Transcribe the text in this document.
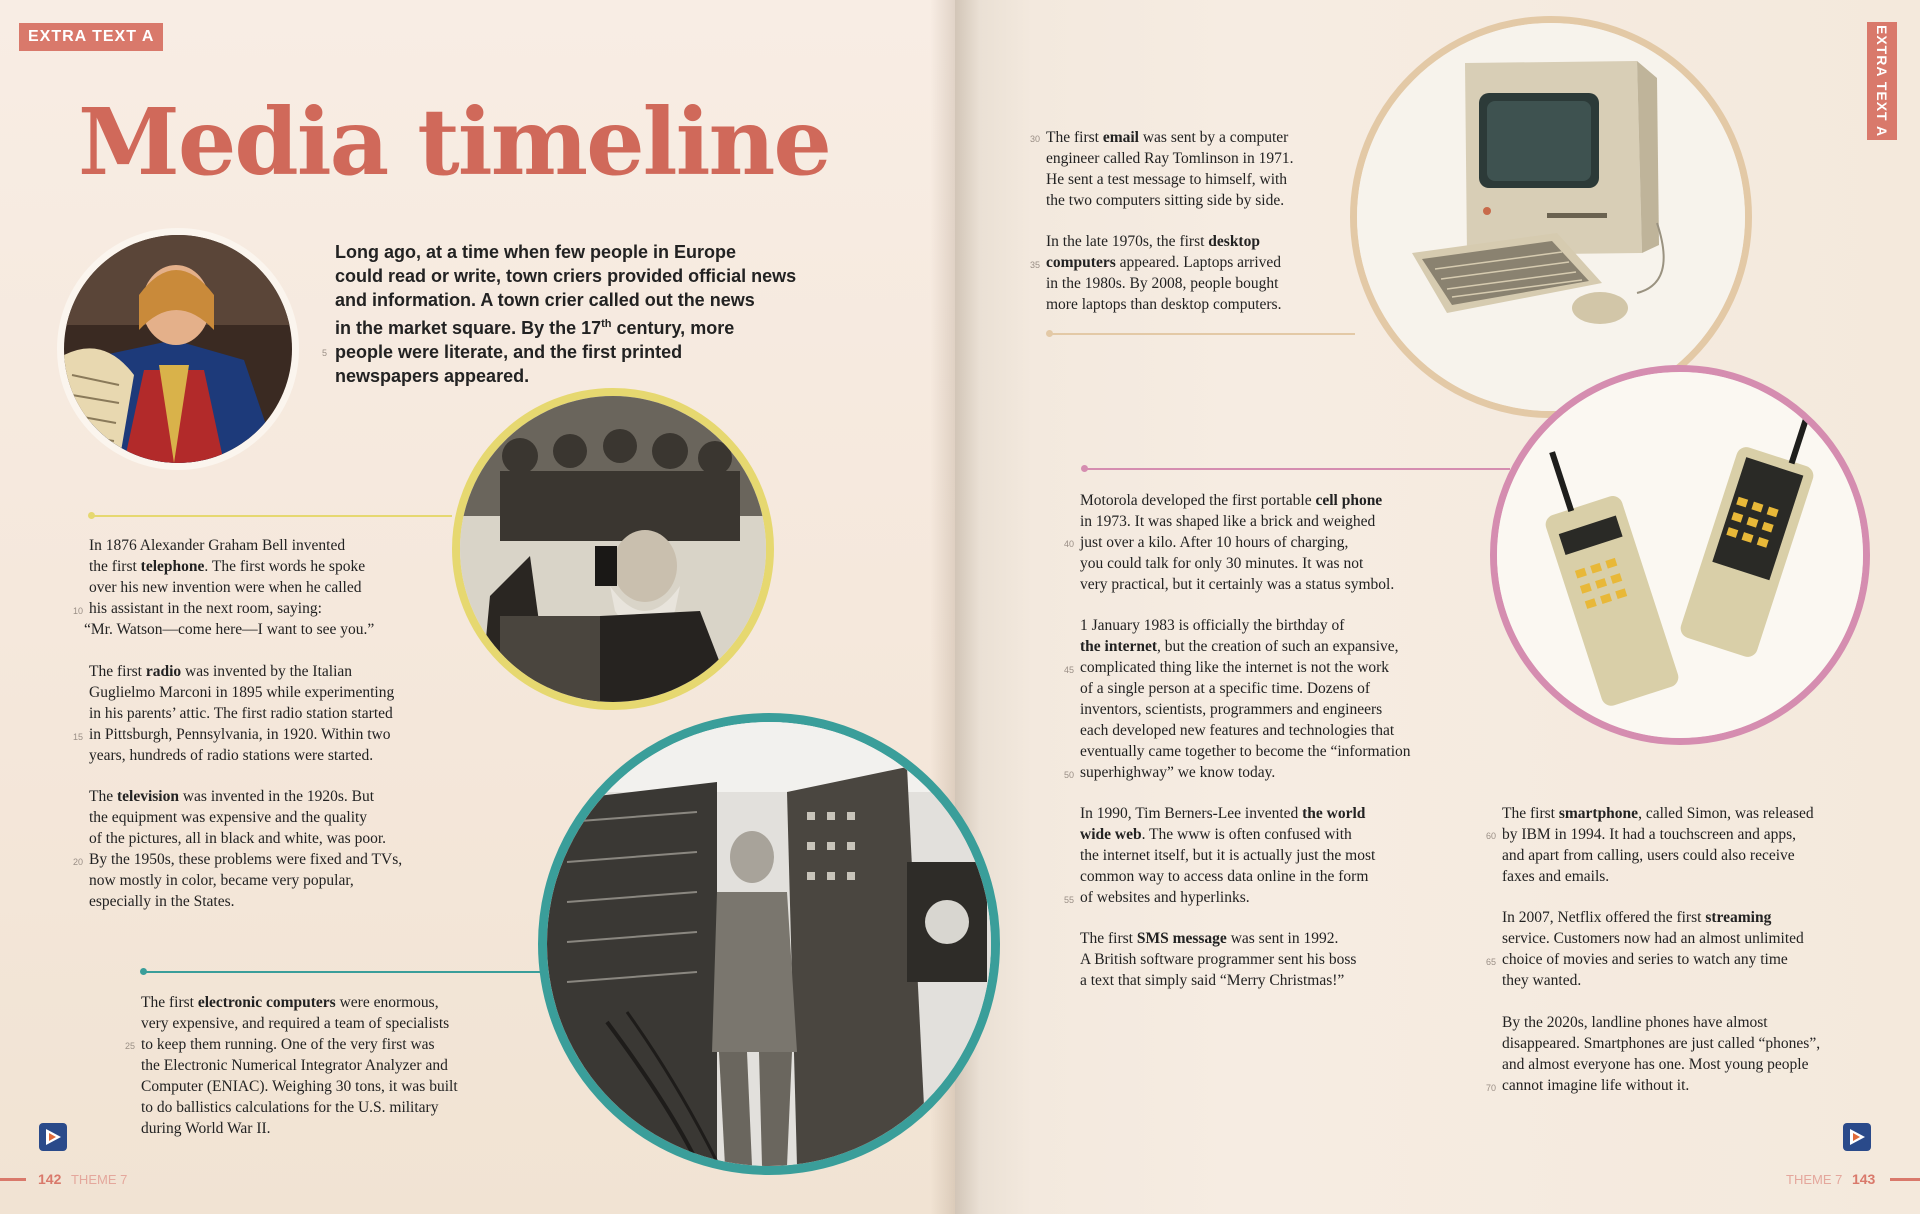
EXTRA TEXT A	EXTRA TEXT A
Media timeline
Long ago, at a time when few people in Europe
could read or write, town criers provided official news
and information. A town crier called out the news
in the market square. By the 17th century, more
people were literate, and the first printed
newspapers appeared.
5
In 1876 Alexander Graham Bell invented
the first telephone. The first words he spoke
over his new invention were when he called
his assistant in the next room, saying:
“Mr. Watson—come here—I want to see you.”
10
The first radio was invented by the Italian
Guglielmo Marconi in 1895 while experimenting
in his parents’ attic. The first radio station started
in Pittsburgh, Pennsylvania, in 1920. Within two
years, hundreds of radio stations were started.
15
The television was invented in the 1920s. But
the equipment was expensive and the quality
of the pictures, all in black and white, was poor.
By the 1950s, these problems were fixed and TVs,
now mostly in color, became very popular,
especially in the States.
20
The first electronic computers were enormous,
very expensive, and required a team of specialists
to keep them running. One of the very first was
the Electronic Numerical Integrator Analyzer and
Computer (ENIAC). Weighing 30 tons, it was built
to do ballistics calculations for the U.S. military
during World War II.
25
The first email was sent by a computer
engineer called Ray Tomlinson in 1971.
He sent a test message to himself, with
the two computers sitting side by side.
30
In the late 1970s, the first desktop
computers appeared. Laptops arrived
in the 1980s. By 2008, people bought
more laptops than desktop computers.
35
Motorola developed the first portable cell phone
in 1973. It was shaped like a brick and weighed
just over a kilo. After 10 hours of charging,
you could talk for only 30 minutes. It was not
very practical, but it certainly was a status symbol.
40
1 January 1983 is officially the birthday of
the internet, but the creation of such an expansive,
complicated thing like the internet is not the work
of a single person at a specific time. Dozens of
inventors, scientists, programmers and engineers
each developed new features and technologies that
eventually came together to become the “information
superhighway” we know today.
45
50
In 1990, Tim Berners-Lee invented the world
wide web. The www is often confused with
the internet itself, but it is actually just the most
common way to access data online in the form
of websites and hyperlinks.
55
The first SMS message was sent in 1992.
A British software programmer sent his boss
a text that simply said “Merry Christmas!”
The first smartphone, called Simon, was released
by IBM in 1994. It had a touchscreen and apps,
and apart from calling, users could also receive
faxes and emails.
60
In 2007, Netflix offered the first streaming
service. Customers now had an almost unlimited
choice of movies and series to watch any time
they wanted.
65
By the 2020s, landline phones have almost
disappeared. Smartphones are just called “phones”,
and almost everyone has one. Most young people
cannot imagine life without it.
70
142 THEME 7	THEME 7 143
